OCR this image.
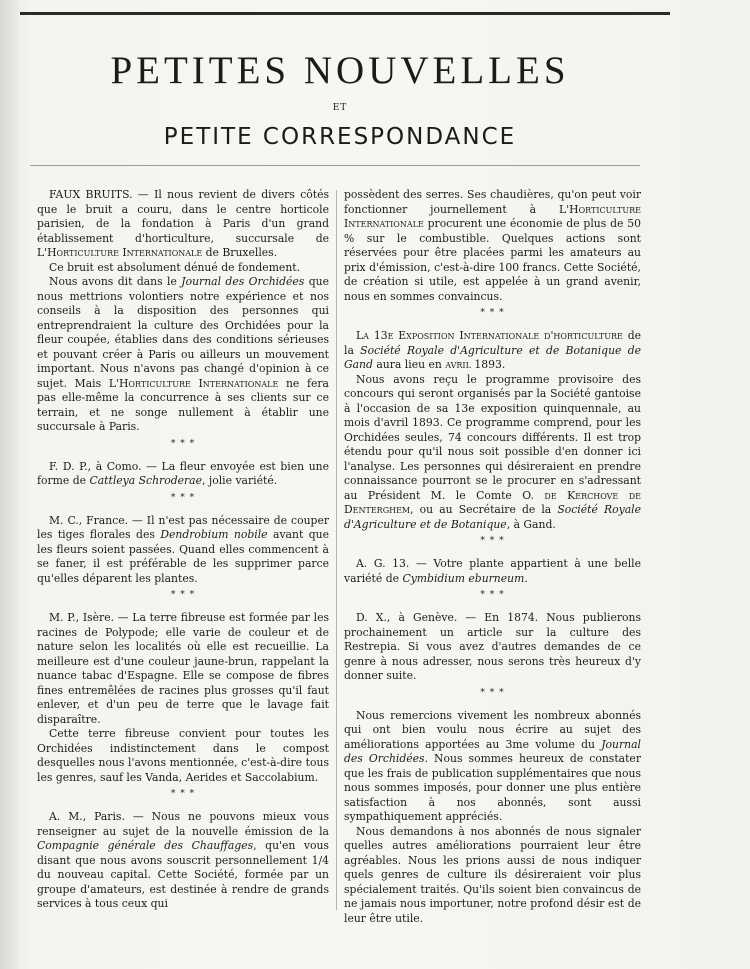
PETITES NOUVELLES
ET
PETITE CORRESPONDANCE

FAUX BRUITS. — Il nous revient de divers côtés que le bruit a couru, dans le centre horticole parisien, de la fondation à Paris d'un grand établissement d'horticulture, succursale de L'Horticulture Internationale de Bruxelles.

Ce bruit est absolument dénué de fondement.

Nous avons dit dans le Journal des Orchidées que nous mettrions volontiers notre expérience et nos conseils à la disposition des personnes qui entreprendraient la culture des Orchidées pour la fleur coupée, établies dans des conditions sérieuses et pouvant créer à Paris ou ailleurs un mouvement important. Nous n'avons pas changé d'opinion à ce sujet. Mais L'Horticulture Internationale ne fera pas elle-même la concurrence à ses clients sur ce terrain, et ne songe nullement à établir une succursale à Paris.

* * *

F. D. P., à Como. — La fleur envoyée est bien une forme de Cattleya Schroderae, jolie variété.

* * *

M. C., France. — Il n'est pas nécessaire de couper les tiges florales des Dendrobium nobile avant que les fleurs soient passées. Quand elles commencent à se faner, il est préférable de les supprimer parce qu'elles déparent les plantes.

* * *

M. P., Isère. — La terre fibreuse est formée par les racines de Polypode; elle varie de couleur et de nature selon les localités où elle est recueillie. La meilleure est d'une couleur jaune-brun, rappelant la nuance tabac d'Espagne. Elle se compose de fibres fines entremêlées de racines plus grosses qu'il faut enlever, et d'un peu de terre que le lavage fait disparaître.

Cette terre fibreuse convient pour toutes les Orchidées indistinctement dans le compost desquelles nous l'avons mentionnée, c'est-à-dire tous les genres, sauf les Vanda, Aerides et Saccolabium.

* * *

A. M., Paris. — Nous ne pouvons mieux vous renseigner au sujet de la nouvelle émission de la Compagnie générale des Chauffages, qu'en vous disant que nous avons souscrit personnellement 1/4 du nouveau capital. Cette Société, formée par un groupe d'amateurs, est destinée à rendre de grands services à tous ceux qui

possèdent des serres. Ses chaudières, qu'on peut voir fonctionner journellement à L'Horticulture Internationale procurent une économie de plus de 50 % sur le combustible. Quelques actions sont réservées pour être placées parmi les amateurs au prix d'émission, c'est-à-dire 100 francs. Cette Société, de création si utile, est appelée à un grand avenir, nous en sommes convaincus.

* * *

La 13e Exposition Internationale d'horticulture de la Société Royale d'Agriculture et de Botanique de Gand aura lieu en avril 1893.

Nous avons reçu le programme provisoire des concours qui seront organisés par la Société gantoise à l'occasion de sa 13e exposition quinquennale, au mois d'avril 1893. Ce programme comprend, pour les Orchidées seules, 74 concours différents. Il est trop étendu pour qu'il nous soit possible d'en donner ici l'analyse. Les personnes qui désireraient en prendre connaissance pourront se le procurer en s'adressant au Président M. le Comte O. de Kerchove de Denterghem, ou au Secrétaire de la Société Royale d'Agriculture et de Botanique, à Gand.

* * *

A. G. 13. — Votre plante appartient à une belle variété de Cymbidium eburneum.

* * *

D. X., à Genève. — En 1874. Nous publierons prochainement un article sur la culture des Restrepia. Si vous avez d'autres demandes de ce genre à nous adresser, nous serons très heureux d'y donner suite.

* * *

Nous remercions vivement les nombreux abonnés qui ont bien voulu nous écrire au sujet des améliorations apportées au 3me volume du Journal des Orchidées. Nous sommes heureux de constater que les frais de publication supplémentaires que nous nous sommes imposés, pour donner une plus entière satisfaction à nos abonnés, sont aussi sympathiquement appréciés.

Nous demandons à nos abonnés de nous signaler quelles autres améliorations pourraient leur être agréables. Nous les prions aussi de nous indiquer quels genres de culture ils désireraient voir plus spécialement traités. Qu'ils soient bien convaincus de ne jamais nous importuner, notre profond désir est de leur être utile.
